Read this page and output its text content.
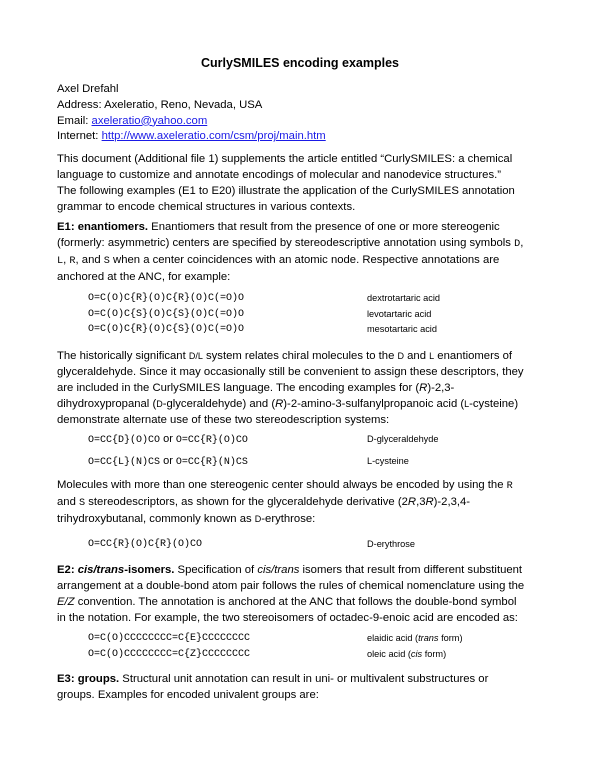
CurlySMILES encoding examples
Axel Drefahl
Address: Axeleratio, Reno, Nevada, USA
Email: axeleratio@yahoo.com
Internet: http://www.axeleratio.com/csm/proj/main.htm
This document (Additional file 1) supplements the article entitled “CurlySMILES: a chemical
language to customize and annotate encodings of molecular and nanodevice structures.”
The following examples (E1 to E20) illustrate the application of the CurlySMILES annotation
grammar to encode chemical structures in various contexts.
E1: enantiomers. Enantiomers that result from the presence of one or more stereogenic
(formerly: asymmetric) centers are specified by stereodescriptive annotation using symbols D,
L, R, and S when a center coincidences with an atomic node. Respective annotations are
anchored at the ANC, for example:
O=C(O)C{R}(O)C{R}(O)C(=O)O	dextrotartaric acid
O=C(O)C{S}(O)C{S}(O)C(=O)O	levotartaric acid
O=C(O)C{R}(O)C{S}(O)C(=O)O	mesotartaric acid
The historically significant D/L system relates chiral molecules to the D and L enantiomers of
glyceraldehyde. Since it may occasionally still be convenient to assign these descriptors, they
are included in the CurlySMILES language. The encoding examples for (R)-2,3-
dihydroxypropanal (D-glyceraldehyde) and (R)-2-amino-3-sulfanylpropanoic acid (L-cysteine)
demonstrate alternate use of these two stereodescription systems:
O=CC{D}(O)CO or O=CC{R}(O)CO	D-glyceraldehyde
O=CC{L}(N)CS or O=CC{R}(N)CS	L-cysteine
Molecules with more than one stereogenic center should always be encoded by using the R
and S stereodescriptors, as shown for the glyceraldehyde derivative (2R,3R)-2,3,4-
trihydroxybutanal, commonly known as D-erythrose:
O=CC{R}(O)C{R}(O)CO	D-erythrose
E2: cis/trans-isomers. Specification of cis/trans isomers that result from different substituent
arrangement at a double-bond atom pair follows the rules of chemical nomenclature using the
E/Z convention. The annotation is anchored at the ANC that follows the double-bond symbol
in the notation. For example, the two stereoisomers of octadec-9-enoic acid are encoded as:
O=C(O)CCCCCCCC=C{E}CCCCCCCC	elaidic acid (trans form)
O=C(O)CCCCCCCC=C{Z}CCCCCCCC	oleic acid (cis form)
E3: groups. Structural unit annotation can result in uni- or multivalent substructures or
groups. Examples for encoded univalent groups are:
